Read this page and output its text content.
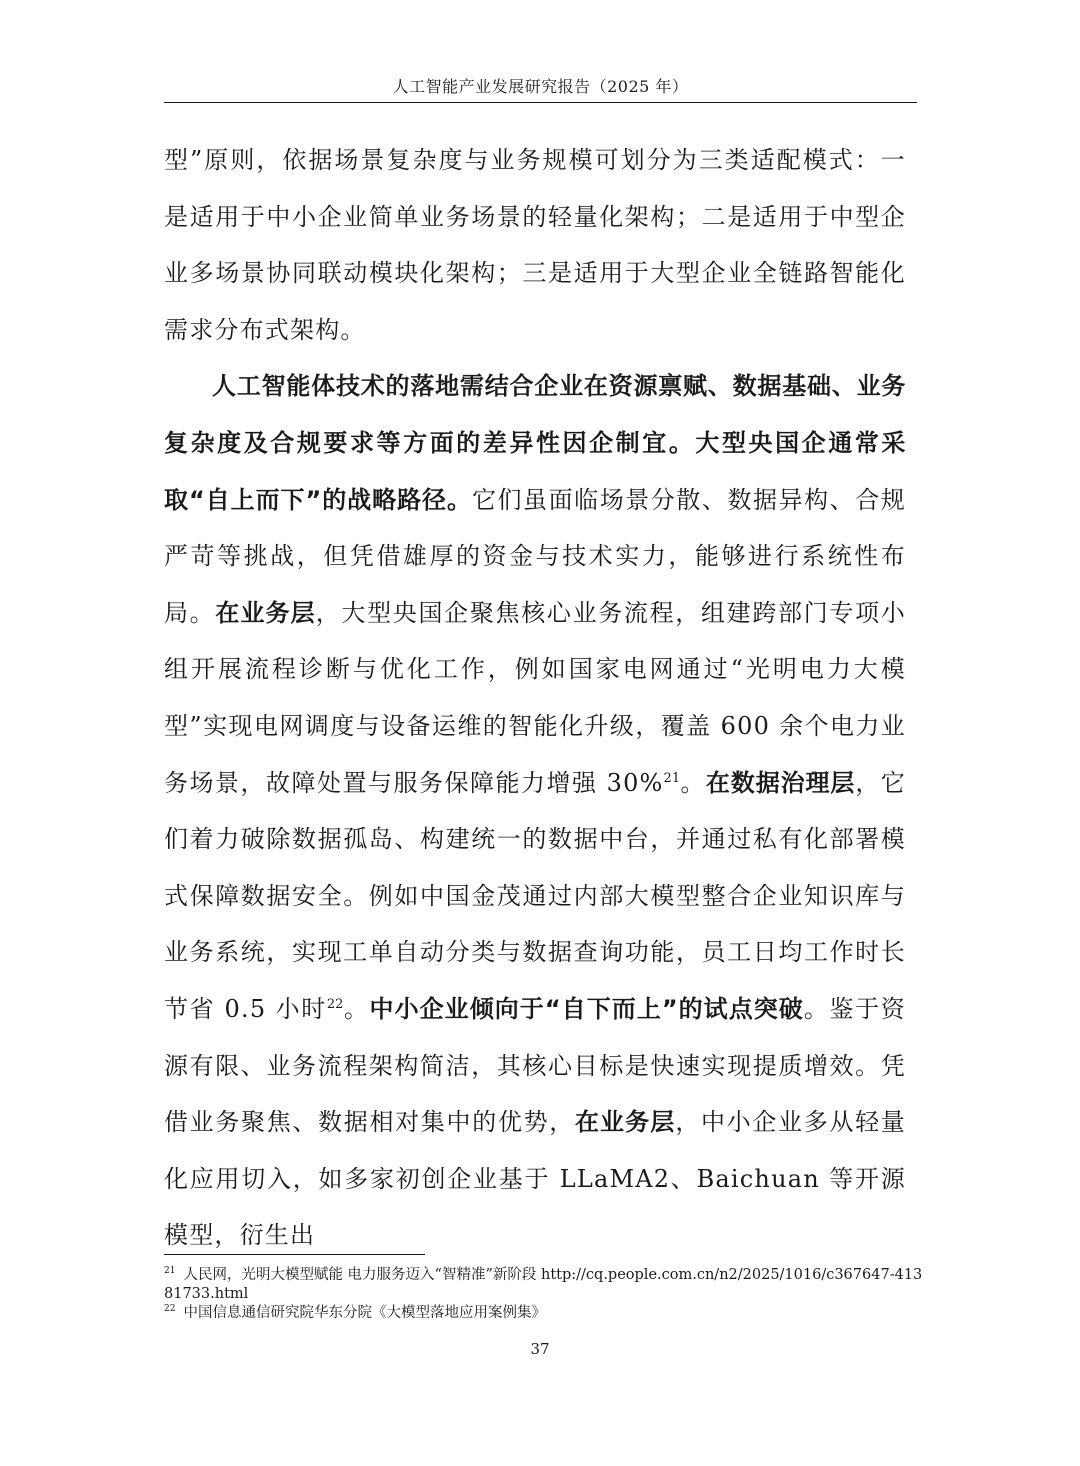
人工智能产业发展研究报告（2025 年）

型”原则，依据场景复杂度与业务规模可划分为三类适配模式：一是适用于中小企业简单业务场景的轻量化架构；二是适用于中型企业多场景协同联动模块化架构；三是适用于大型企业全链路智能化需求分布式架构。

人工智能体技术的落地需结合企业在资源禀赋、数据基础、业务复杂度及合规要求等方面的差异性因企制宜。大型央国企通常采取“自上而下”的战略路径。它们虽面临场景分散、数据异构、合规严苛等挑战，但凭借雄厚的资金与技术实力，能够进行系统性布局。在业务层，大型央国企聚焦核心业务流程，组建跨部门专项小组开展流程诊断与优化工作，例如国家电网通过“光明电力大模型”实现电网调度与设备运维的智能化升级，覆盖 600 余个电力业务场景，故障处置与服务保障能力增强 30%$^{21}$。在数据治理层，它们着力破除数据孤岛、构建统一的数据中台，并通过私有化部署模式保障数据安全。例如中国金茂通过内部大模型整合企业知识库与业务系统，实现工单自动分类与数据查询功能，员工日均工作时长节省 0.5 小时$^{22}$。中小企业倾向于“自下而上”的试点突破。鉴于资源有限、业务流程架构简洁，其核心目标是快速实现提质增效。凭借业务聚焦、数据相对集中的优势，在业务层，中小企业多从轻量化应用切入，如多家初创企业基于 LLaMA2、Baichuan 等开源模型，衍生出

$^{21}$ 人民网，光明大模型赋能 电力服务迈入“智精准”新阶段 http://cq.people.com.cn/n2/2025/1016/c367647-41381733.html
$^{22}$ 中国信息通信研究院华东分院《大模型落地应用案例集》
37
